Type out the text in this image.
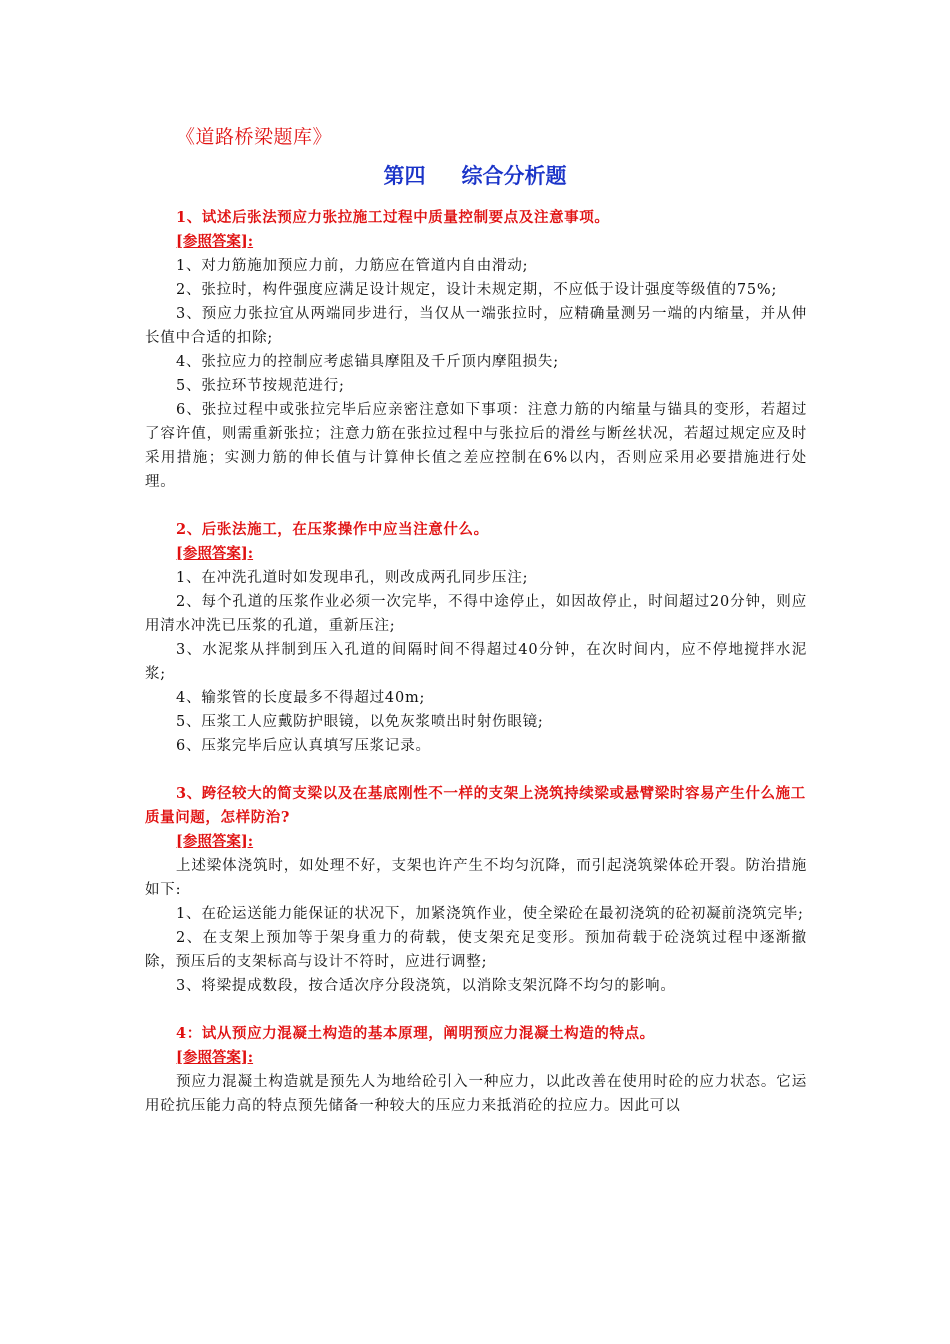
《道路桥梁题库》
第四 综合分析题

1、试述后张法预应力张拉施工过程中质量控制要点及注意事项。

[参照答案]:

1、对力筋施加预应力前，力筋应在管道内自由滑动;

2、张拉时，构件强度应满足设计规定，设计未规定期，不应低于设计强度等级值的75%;

3、预应力张拉宜从两端同步进行，当仅从一端张拉时，应精确量测另一端的内缩量，并从伸长值中合适的扣除;

4、张拉应力的控制应考虑锚具摩阻及千斤顶内摩阻损失;

5、张拉环节按规范进行;

6、张拉过程中或张拉完毕后应亲密注意如下事项：注意力筋的内缩量与锚具的变形，若超过了容许值，则需重新张拉；注意力筋在张拉过程中与张拉后的滑丝与断丝状况，若超过规定应及时采用措施；实测力筋的伸长值与计算伸长值之差应控制在6%以内，否则应采用必要措施进行处理。

2、后张法施工，在压浆操作中应当注意什么。

[参照答案]:

1、在冲洗孔道时如发现串孔，则改成两孔同步压注;

2、每个孔道的压浆作业必须一次完毕，不得中途停止，如因故停止，时间超过20分钟，则应用清水冲洗已压浆的孔道，重新压注;

3、水泥浆从拌制到压入孔道的间隔时间不得超过40分钟，在次时间内，应不停地搅拌水泥浆;

4、输浆管的长度最多不得超过40m;

5、压浆工人应戴防护眼镜，以免灰浆喷出时射伤眼镜;

6、压浆完毕后应认真填写压浆记录。

3、跨径较大的简支梁以及在基底刚性不一样的支架上浇筑持续梁或悬臂梁时容易产生什么施工质量问题，怎样防治?

[参照答案]:

上述梁体浇筑时，如处理不好，支架也许产生不均匀沉降，而引起浇筑梁体砼开裂。防治措施如下:

1、在砼运送能力能保证的状况下，加紧浇筑作业，使全梁砼在最初浇筑的砼初凝前浇筑完毕;

2、在支架上预加等于架身重力的荷载，使支架充足变形。预加荷载于砼浇筑过程中逐渐撤除，预压后的支架标高与设计不符时，应进行调整;

3、将梁提成数段，按合适次序分段浇筑，以消除支架沉降不均匀的影响。

4：试从预应力混凝土构造的基本原理，阐明预应力混凝土构造的特点。

[参照答案]:

预应力混凝土构造就是预先人为地给砼引入一种应力，以此改善在使用时砼的应力状态。它运用砼抗压能力高的特点预先储备一种较大的压应力来抵消砼的拉应力。因此可以
